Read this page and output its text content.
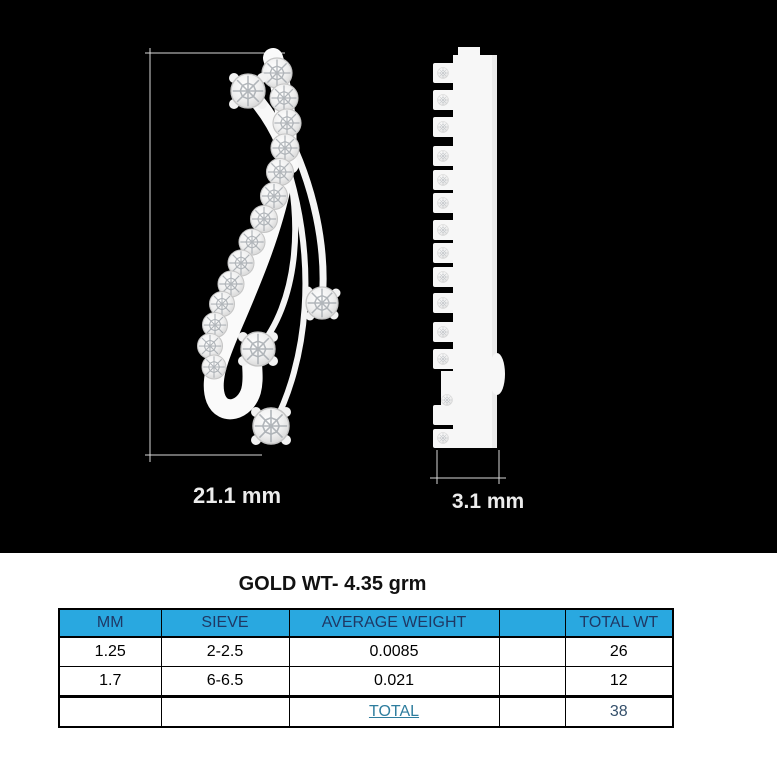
21.1 mm	3.1 mm
GOLD WT- 4.35 grm
MM	SIEVE	AVERAGE WEIGHT		TOTAL WT
1.25	2-2.5	0.0085		26
1.7	6-6.5	0.021		12
		TOTAL		38
